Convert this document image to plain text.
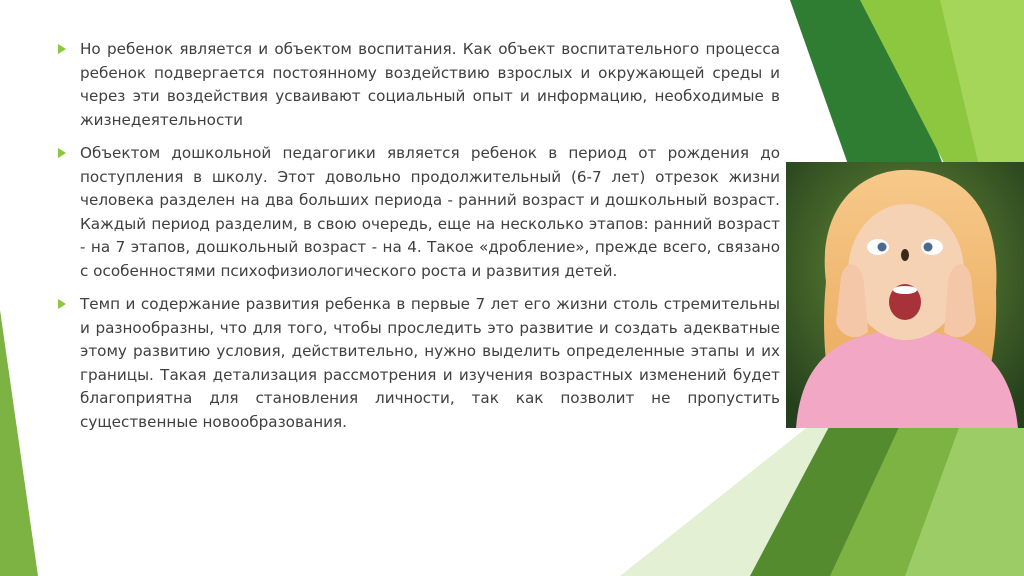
Но ребенок является и объектом воспитания. Как объект воспитательного процесса ребенок подвергается постоянному воздействию взрослых и окружающей среды и через эти воздействия усваивают социальный опыт и информацию, необходимые в жизнедеятельности
Объектом дошкольной педагогики является ребенок в период от рождения до поступления в школу. Этот довольно продолжительный (6-7 лет) отрезок жизни человека разделен на два больших периода - ранний возраст и дошкольный возраст. Каждый период разделим, в свою очередь, еще на несколько этапов: ранний возраст - на 7 этапов, дошкольный возраст - на 4. Такое «дробление», прежде всего, связано с особенностями психофизиологического роста и развития детей.
Темп и содержание развития ребенка в первые 7 лет его жизни столь стремительны и разнообразны, что для того, чтобы проследить это развитие и создать адекватные этому развитию условия, действительно, нужно выделить определенные этапы и их границы. Такая детализация рассмотрения и изучения возрастных изменений будет благоприятна для становления личности, так как позволит не пропустить существенные новообразования.
